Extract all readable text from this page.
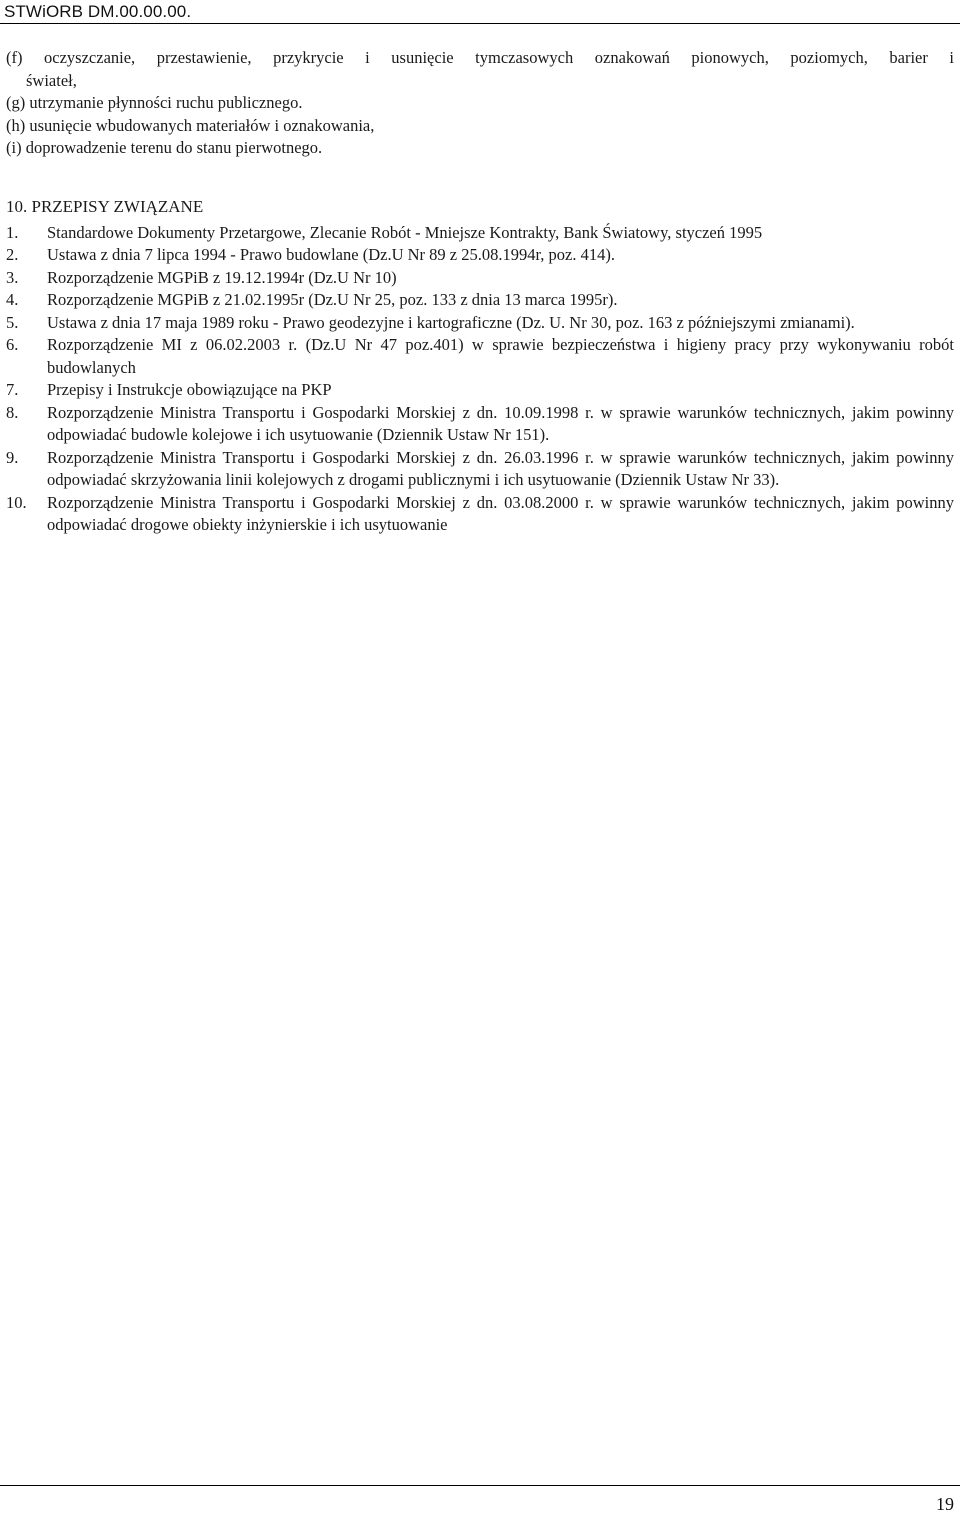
STWiORB DM.00.00.00.
(f) oczyszczanie, przestawienie, przykrycie i usunięcie tymczasowych oznakowań pionowych, poziomych, barier i
świateł,
(g) utrzymanie płynności ruchu publicznego.
(h) usunięcie wbudowanych materiałów i oznakowania,
(i) doprowadzenie terenu do stanu pierwotnego.
10. PRZEPISY ZWIĄZANE
1. Standardowe Dokumenty Przetargowe, Zlecanie Robót - Mniejsze Kontrakty, Bank Światowy, styczeń 1995
2. Ustawa z dnia 7 lipca 1994 - Prawo budowlane (Dz.U Nr 89 z 25.08.1994r, poz. 414).
3. Rozporządzenie MGPiB z 19.12.1994r (Dz.U Nr 10)
4. Rozporządzenie MGPiB z 21.02.1995r (Dz.U Nr 25, poz. 133 z dnia 13 marca 1995r).
5. Ustawa z dnia 17 maja 1989 roku - Prawo geodezyjne i kartograficzne (Dz. U. Nr 30, poz. 163 z późniejszymi zmianami).
6. Rozporządzenie MI z 06.02.2003 r. (Dz.U Nr 47 poz.401) w sprawie bezpieczeństwa i higieny pracy przy wykonywaniu robót budowlanych
7. Przepisy i Instrukcje obowiązujące na PKP
8. Rozporządzenie Ministra Transportu i Gospodarki Morskiej z dn. 10.09.1998 r. w sprawie warunków technicznych, jakim powinny odpowiadać budowle kolejowe i ich usytuowanie (Dziennik Ustaw Nr 151).
9. Rozporządzenie Ministra Transportu i Gospodarki Morskiej z dn. 26.03.1996 r. w sprawie warunków technicznych, jakim powinny odpowiadać skrzyżowania linii kolejowych z drogami publicznymi i ich usytuowanie (Dziennik Ustaw Nr 33).
10. Rozporządzenie Ministra Transportu i Gospodarki Morskiej z dn. 03.08.2000 r. w sprawie warunków technicznych, jakim powinny odpowiadać drogowe obiekty inżynierskie i ich usytuowanie
19
